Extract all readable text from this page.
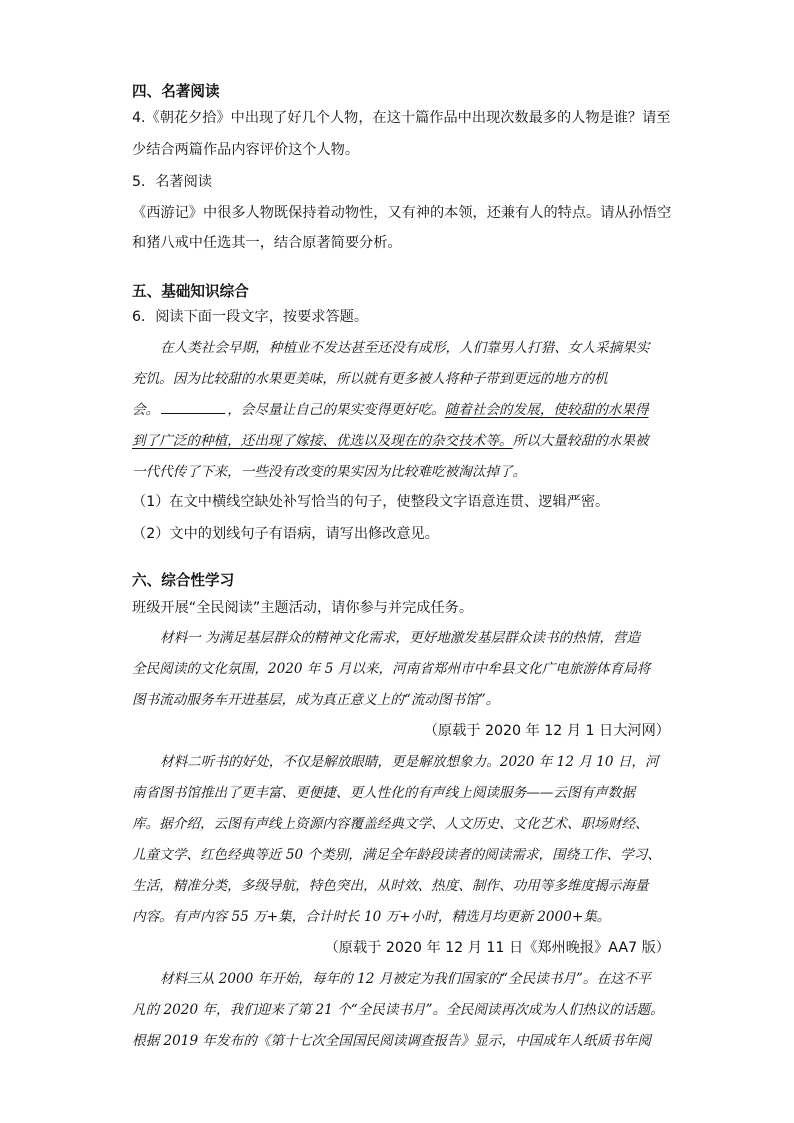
四、名著阅读
4.《朝花夕拾》中出现了好几个人物，在这十篇作品中出现次数最多的人物是谁？请至
少结合两篇作品内容评价这个人物。
5．名著阅读
《西游记》中很多人物既保持着动物性，又有神的本领，还兼有人的特点。请从孙悟空
和猪八戒中任选其一，结合原著简要分析。
五、基础知识综合
6．阅读下面一段文字，按要求答题。
在人类社会早期，种植业不发达甚至还没有成形，人们靠男人打猎、女人采摘果实
充饥。因为比较甜的水果更美味，所以就有更多被人将种子带到更远的地方的机
会。	，会尽量让自己的果实变得更好吃。随着社会的发展，使较甜的水果得
到了广泛的种植，还出现了嫁接、优选以及现在的杂交技术等。所以大量较甜的水果被
一代代传了下来，一些没有改变的果实因为比较难吃被淘汰掉了。
（1）在文中横线空缺处补写恰当的句子，使整段文字语意连贯、逻辑严密。
（2）文中的划线句子有语病，请写出修改意见。
六、综合性学习
班级开展“全民阅读”主题活动，请你参与并完成任务。
材料一 为满足基层群众的精神文化需求，更好地激发基层群众读书的热情，营造
全民阅读的文化氛围，2020 年 5 月以来，河南省郑州市中牟县文化广电旅游体育局将
图书流动服务车开进基层，成为真正意义上的“流动图书馆”。
（原载于 2020 年 12 月 1 日大河网）
材料二听书的好处，不仅是解放眼睛，更是解放想象力。2020 年 12 月 10 日，河
南省图书馆推出了更丰富、更便捷、更人性化的有声线上阅读服务——云图有声数据
库。据介绍，云图有声线上资源内容覆盖经典文学、人文历史、文化艺术、职场财经、
儿童文学、红色经典等近 50 个类别，满足全年龄段读者的阅读需求，围绕工作、学习、
生活，精准分类，多级导航，特色突出，从时效、热度、制作、功用等多维度揭示海量
内容。有声内容 55 万+集，合计时长 10 万+小时，精选月均更新 2000+集。
（原载于 2020 年 12 月 11 日《郑州晚报》AA7 版）
材料三从 2000 年开始，每年的 12 月被定为我们国家的“全民读书月”。在这不平
凡的 2020 年，我们迎来了第 21 个“全民读书月”。全民阅读再次成为人们热议的话题。
根据 2019 年发布的《第十七次全国国民阅读调查报告》显示，中国成年人纸质书年阅
